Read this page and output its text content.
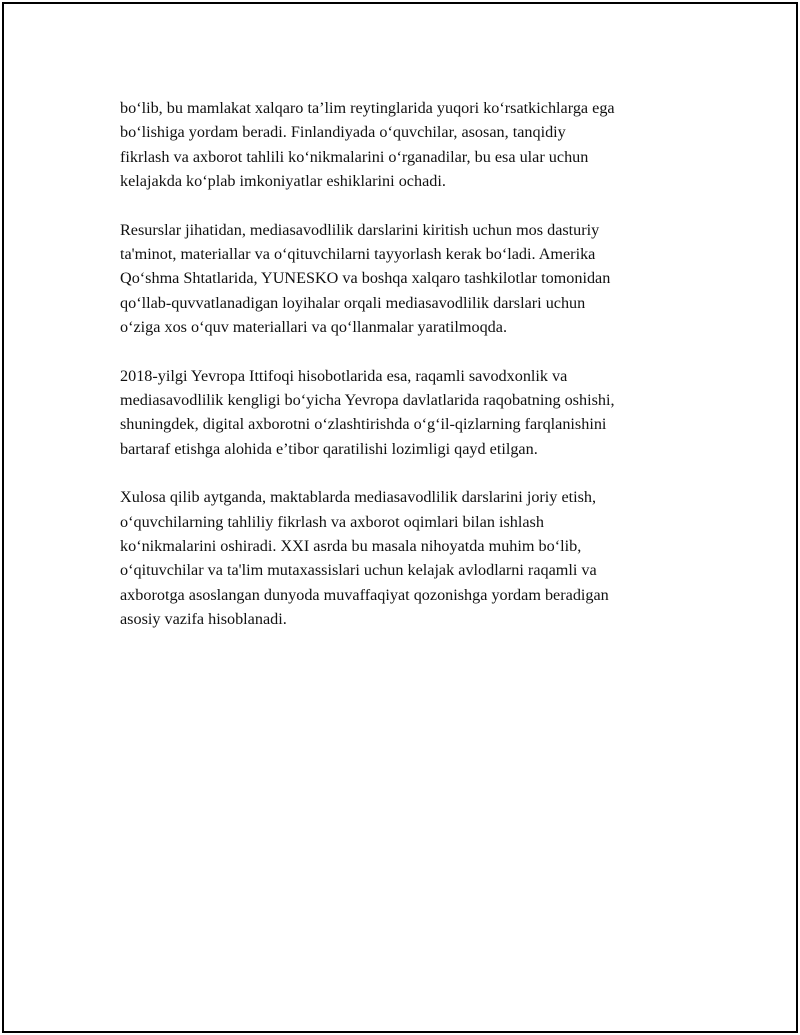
bo‘lib, bu mamlakat xalqaro ta’lim reytinglarida yuqori ko‘rsatkichlarga ega
bo‘lishiga yordam beradi. Finlandiyada o‘quvchilar, asosan, tanqidiy
fikrlash va axborot tahlili ko‘nikmalarini o‘rganadilar, bu esa ular uchun
kelajakda ko‘plab imkoniyatlar eshiklarini ochadi.

Resurslar jihatidan, mediasavodlilik darslarini kiritish uchun mos dasturiy
ta'minot, materiallar va o‘qituvchilarni tayyorlash kerak bo‘ladi. Amerika
Qo‘shma Shtatlarida, YUNESKO va boshqa xalqaro tashkilotlar tomonidan
qo‘llab-quvvatlanadigan loyihalar orqali mediasavodlilik darslari uchun
o‘ziga xos o‘quv materiallari va qo‘llanmalar yaratilmoqda.

2018-yilgi Yevropa Ittifoqi hisobotlarida esa, raqamli savodxonlik va
mediasavodlilik kengligi bo‘yicha Yevropa davlatlarida raqobatning oshishi,
shuningdek, digital axborotni o‘zlashtirishda o‘g‘il-qizlarning farqlanishini
bartaraf etishga alohida e’tibor qaratilishi lozimligi qayd etilgan.

Xulosa qilib aytganda, maktablarda mediasavodlilik darslarini joriy etish,
o‘quvchilarning tahliliy fikrlash va axborot oqimlari bilan ishlash
ko‘nikmalarini oshiradi. XXI asrda bu masala nihoyatda muhim bo‘lib,
o‘qituvchilar va ta'lim mutaxassislari uchun kelajak avlodlarni raqamli va
axborotga asoslangan dunyoda muvaffaqiyat qozonishga yordam beradigan
asosiy vazifa hisoblanadi.
